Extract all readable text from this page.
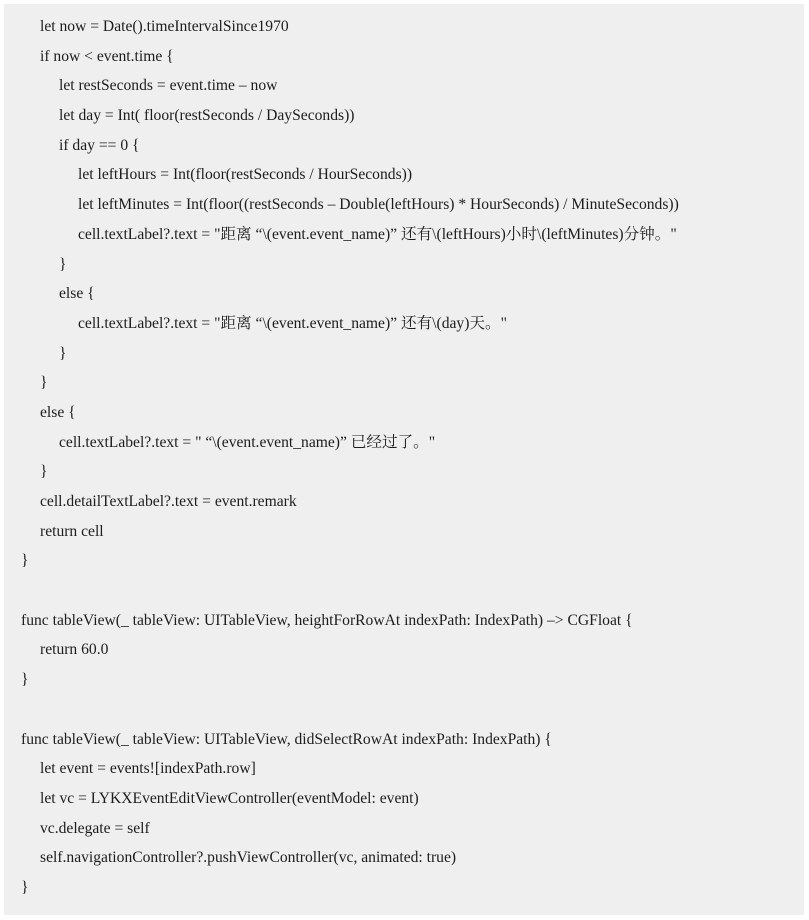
let now = Date().timeIntervalSince1970
if now < event.time {
let restSeconds = event.time – now
let day = Int( floor(restSeconds / DaySeconds))
if day == 0 {
let leftHours = Int(floor(restSeconds / HourSeconds))
let leftMinutes = Int(floor((restSeconds – Double(leftHours) * HourSeconds) / MinuteSeconds))
cell.textLabel?.text = "距离 “\(event.event_name)” 还有\(leftHours)小时\(leftMinutes)分钟。"
}
else {
cell.textLabel?.text = "距离 “\(event.event_name)” 还有\(day)天。"
}
}
else {
cell.textLabel?.text = " “\(event.event_name)” 已经过了。"
}
cell.detailTextLabel?.text = event.remark
return cell
}
func tableView(_ tableView: UITableView, heightForRowAt indexPath: IndexPath) –> CGFloat {
return 60.0
}
func tableView(_ tableView: UITableView, didSelectRowAt indexPath: IndexPath) {
let event = events![indexPath.row]
let vc = LYKXEventEditViewController(eventModel: event)
vc.delegate = self
self.navigationController?.pushViewController(vc, animated: true)
}
